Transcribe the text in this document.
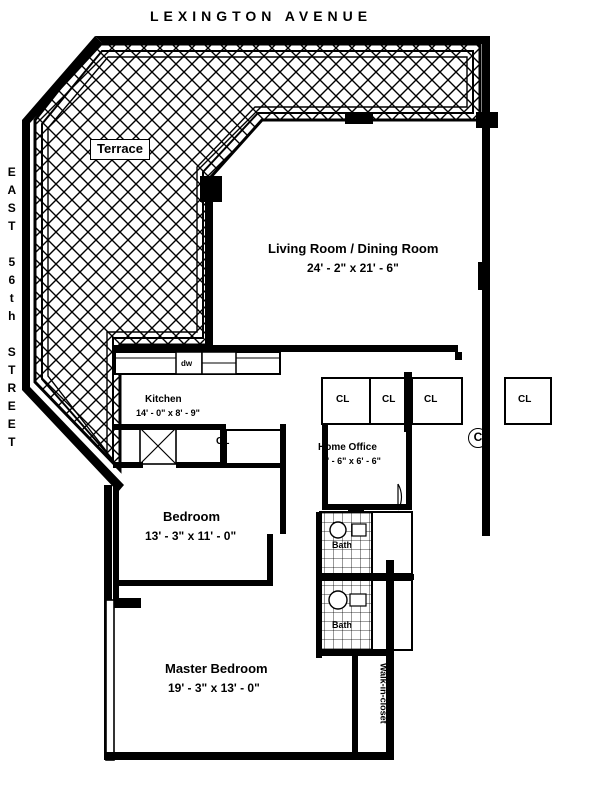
LEXINGTON AVENUE
EAST 56th STREET
Terrace
Living Room / Dining Room
24' - 2" x 21' - 6"
dw
Kitchen
14' - 0" x 8' - 9"
CL
CL	CL	CL	CL
Home Office
7' - 6" x 6' - 6"
Bedroom
13' - 3" x 11' - 0"
Bath
Bath
Master Bedroom
19' - 3" x 13' - 0"	Walk-in-closet
C
